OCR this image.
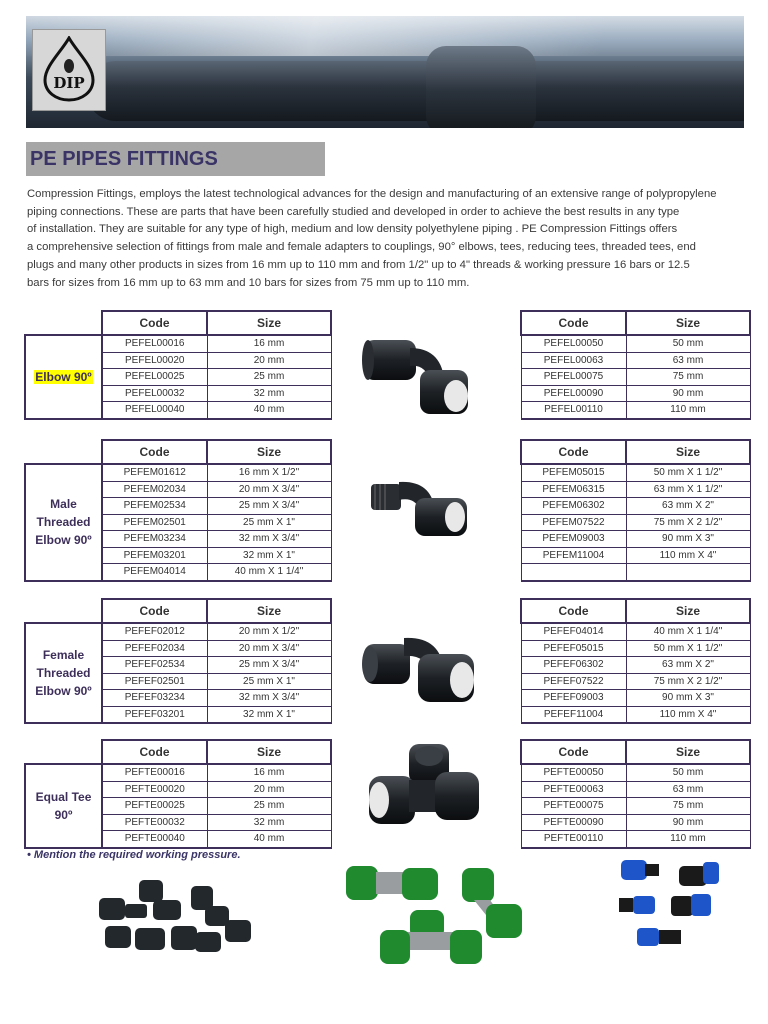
DIP
PE PIPES FITTINGS
Compression Fittings, employs the latest technological advances for the design and manufacturing of an extensive range of polypropylene
piping connections. These are parts that have been carefully studied and developed in order to achieve the best results in any type
of installation. They are suitable for any type of high, medium and low density polyethylene piping . PE Compression Fittings offers
a comprehensive selection of fittings from male and female adapters to couplings, 90° elbows, tees, reducing tees, threaded tees, end
plugs and many other products in sizes from 16 mm up to 110 mm and from 1/2" up to 4" threads & working pressure 16 bars or 12.5
bars for sizes from 16 mm up to 63 mm and 10 bars for sizes from 75 mm up to 110 mm.
	Code	Size
Elbow 90º	PEFEL00016	16 mm
	PEFEL00020	20 mm
	PEFEL00025	25 mm
	PEFEL00032	32 mm
	PEFEL00040	40 mm
Code	Size
PEFEL00050	50 mm
PEFEL00063	63 mm
PEFEL00075	75 mm
PEFEL00090	90 mm
PEFEL00110	110 mm
	Code	Size

Male
Threaded
Elbow 90º	PEFEM01612	16 mm X 1/2"
	PEFEM02034	20 mm X 3/4"
	PEFEM02534	25 mm X 3/4"
	PEFEM02501	25 mm X 1"
	PEFEM03234	32 mm X 3/4"
	PEFEM03201	32 mm X 1"
	PEFEM04014	40 mm X 1 1/4"
Code	Size
PEFEM05015	50 mm X 1 1/2"
PEFEM06315	63 mm X 1 1/2"
PEFEM06302	63 mm X 2"
PEFEM07522	75 mm X 2 1/2"
PEFEM09003	90 mm X 3"
PEFEM11004	110 mm X 4"

	Code	Size

Female
Threaded
Elbow 90º	PEFEF02012	20 mm X 1/2"
	PEFEF02034	20 mm X 3/4"
	PEFEF02534	25 mm X 3/4"
	PEFEF02501	25 mm X 1"
	PEFEF03234	32 mm X 3/4"
	PEFEF03201	32 mm X 1"
Code	Size
PEFEF04014	40 mm X 1 1/4"
PEFEF05015	50 mm X 1 1/2"
PEFEF06302	63 mm X 2"
PEFEF07522	75 mm X 2 1/2"
PEFEF09003	90 mm X 3"
PEFEF11004	110 mm X 4"
	Code	Size

Equal Tee
90º	PEFTE00016	16 mm
	PEFTE00020	20 mm
	PEFTE00025	25 mm
	PEFTE00032	32 mm
	PEFTE00040	40 mm
Code	Size
PEFTE00050	50 mm
PEFTE00063	63 mm
PEFTE00075	75 mm
PEFTE00090	90 mm
PEFTE00110	110 mm
• Mention the required working pressure.
